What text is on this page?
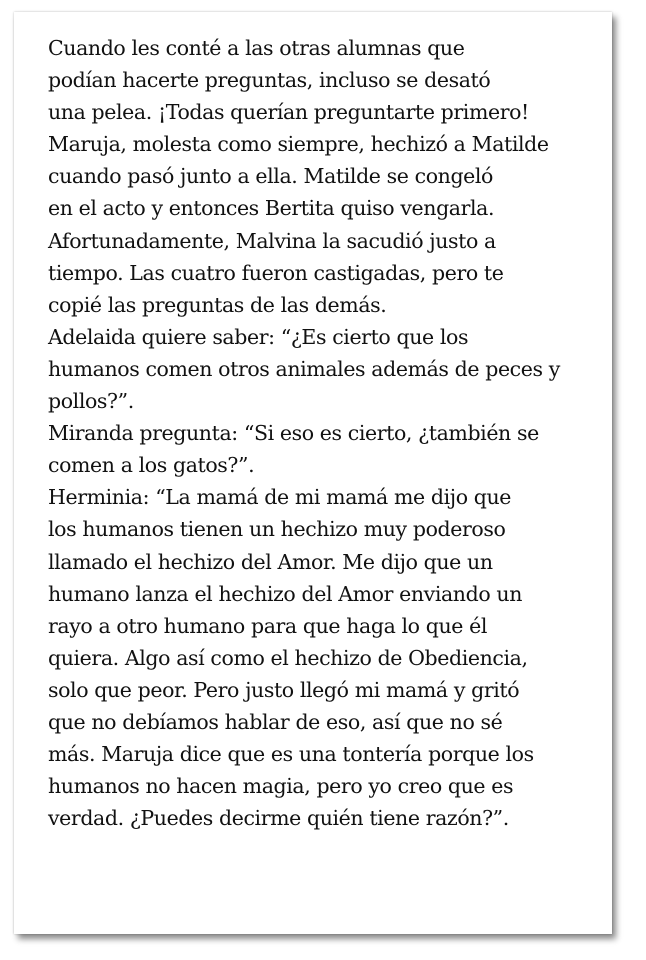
Cuando les conté a las otras alumnas que
podían hacerte preguntas, incluso se desató
una pelea. ¡Todas querían preguntarte primero!
Maruja, molesta como siempre, hechizó a Matilde
cuando pasó junto a ella. Matilde se congeló
en el acto y entonces Bertita quiso vengarla.
Afortunadamente, Malvina la sacudió justo a
tiempo. Las cuatro fueron castigadas, pero te
copié las preguntas de las demás.
Adelaida quiere saber: “¿Es cierto que los
humanos comen otros animales además de peces y
pollos?”.
Miranda pregunta: “Si eso es cierto, ¿también se
comen a los gatos?”.
Herminia: “La mamá de mi mamá me dijo que
los humanos tienen un hechizo muy poderoso
llamado el hechizo del Amor. Me dijo que un
humano lanza el hechizo del Amor enviando un
rayo a otro humano para que haga lo que él
quiera. Algo así como el hechizo de Obediencia,
solo que peor. Pero justo llegó mi mamá y gritó
que no debíamos hablar de eso, así que no sé
más. Maruja dice que es una tontería porque los
humanos no hacen magia, pero yo creo que es
verdad. ¿Puedes decirme quién tiene razón?”.
